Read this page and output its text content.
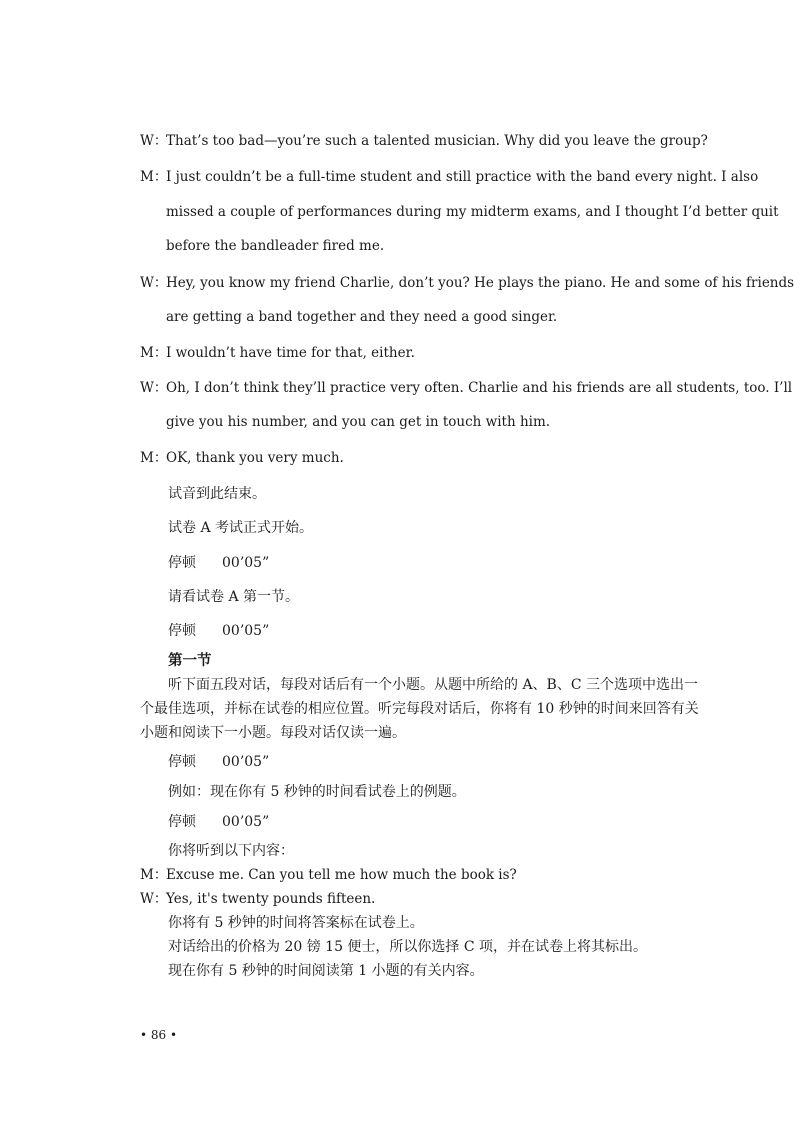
W：
That’s too bad—you’re such a talented musician. Why did you leave the group?
M：
I just couldn’t be a full-time student and still practice with the band every night. I also
missed a couple of performances during my midterm exams, and I thought I’d better quit
before the bandleader fired me.
W：
Hey, you know my friend Charlie, don’t you? He plays the piano. He and some of his friends
are getting a band together and they need a good singer.
M：
I wouldn’t have time for that, either.
W：
Oh, I don’t think they’ll practice very often. Charlie and his friends are all students, too. I’ll
give you his number, and you can get in touch with him.
M：
OK, thank you very much.
试音到此结束。
试卷 A 考试正式开始。
停顿 00’05”
请看试卷 A 第一节。
停顿 00’05”
第一节
听下面五段对话，每段对话后有一个小题。从题中所给的 A、B、C 三个选项中选出一
个最佳选项，并标在试卷的相应位置。听完每段对话后，你将有 10 秒钟的时间来回答有关
小题和阅读下一小题。每段对话仅读一遍。
停顿 00’05”
例如：现在你有 5 秒钟的时间看试卷上的例题。
停顿 00’05”
你将听到以下内容：
M：
Excuse me. Can you tell me how much the book is?
W：
Yes, it's twenty pounds fifteen.
你将有 5 秒钟的时间将答案标在试卷上。
对话给出的价格为 20 镑 15 便士，所以你选择 C 项，并在试卷上将其标出。
现在你有 5 秒钟的时间阅读第 1 小题的有关内容。
• 86 •
